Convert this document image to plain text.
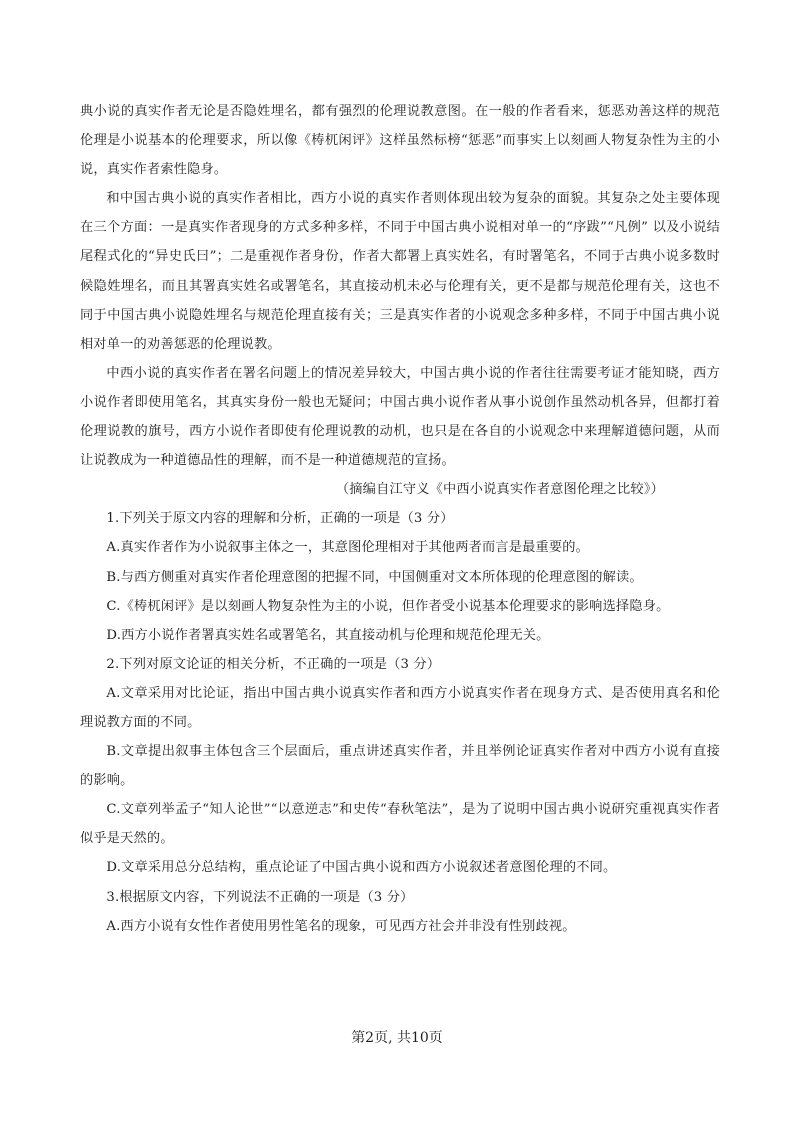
典小说的真实作者无论是否隐姓埋名，都有强烈的伦理说教意图。在一般的作者看来，惩恶劝善这样的规范伦理是小说基本的伦理要求，所以像《梼杌闲评》这样虽然标榜“惩恶”而事实上以刻画人物复杂性为主的小说，真实作者索性隐身。

和中国古典小说的真实作者相比，西方小说的真实作者则体现出较为复杂的面貌。其复杂之处主要体现在三个方面：一是真实作者现身的方式多种多样，不同于中国古典小说相对单一的“序跋”“凡例” 以及小说结尾程式化的“异史氏曰”；二是重视作者身份，作者大都署上真实姓名，有时署笔名，不同于古典小说多数时候隐姓埋名，而且其署真实姓名或署笔名，其直接动机未必与伦理有关，更不是都与规范伦理有关，这也不同于中国古典小说隐姓埋名与规范伦理直接有关；三是真实作者的小说观念多种多样，不同于中国古典小说相对单一的劝善惩恶的伦理说教。

中西小说的真实作者在署名问题上的情况差异较大，中国古典小说的作者往往需要考证才能知晓，西方小说作者即使用笔名，其真实身份一般也无疑问；中国古典小说作者从事小说创作虽然动机各异，但都打着伦理说教的旗号，西方小说作者即使有伦理说教的动机，也只是在各自的小说观念中来理解道德问题，从而让说教成为一种道德品性的理解，而不是一种道德规范的宣扬。

（摘编自江守义《中西小说真实作者意图伦理之比较》）

1.下列关于原文内容的理解和分析，正确的一项是（3 分）

A.真实作者作为小说叙事主体之一，其意图伦理相对于其他两者而言是最重要的。

B.与西方侧重对真实作者伦理意图的把握不同，中国侧重对文本所体现的伦理意图的解读。

C.《梼杌闲评》是以刻画人物复杂性为主的小说，但作者受小说基本伦理要求的影响选择隐身。

D.西方小说作者署真实姓名或署笔名，其直接动机与伦理和规范伦理无关。

2.下列对原文论证的相关分析，不正确的一项是（3 分）

A.文章采用对比论证，指出中国古典小说真实作者和西方小说真实作者在现身方式、是否使用真名和伦理说教方面的不同。

B.文章提出叙事主体包含三个层面后，重点讲述真实作者，并且举例论证真实作者对中西方小说有直接的影响。

C.文章列举孟子“知人论世”“以意逆志”和史传“春秋笔法”，是为了说明中国古典小说研究重视真实作者似乎是天然的。

D.文章采用总分总结构，重点论证了中国古典小说和西方小说叙述者意图伦理的不同。

3.根据原文内容，下列说法不正确的一项是（3 分）

A.西方小说有女性作者使用男性笔名的现象，可见西方社会并非没有性别歧视。

第2页, 共10页
